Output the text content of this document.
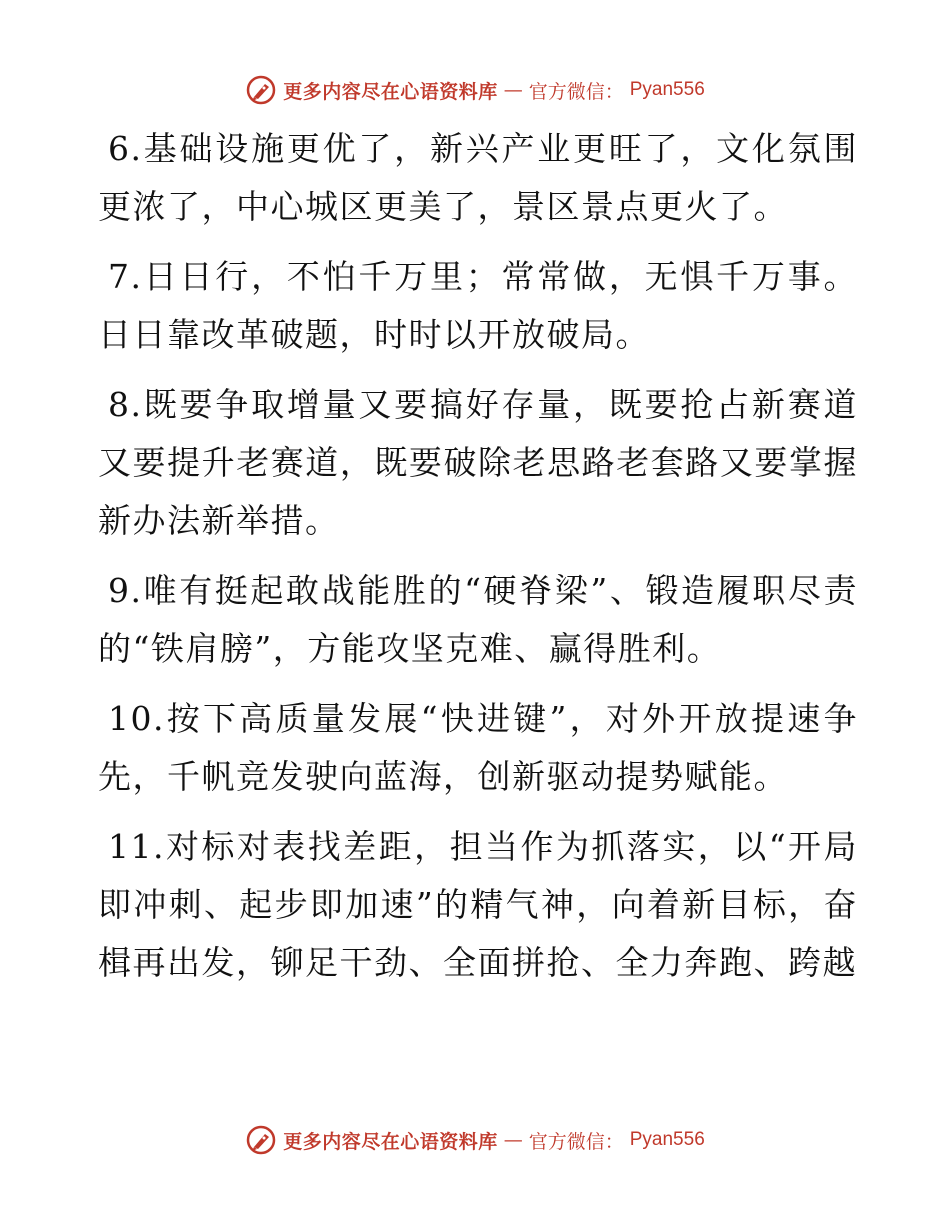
更多内容尽在心语资料库 — 官方微信： Pyan556

6.基础设施更优了，新兴产业更旺了，文化氛围更浓了，中心城区更美了，景区景点更火了。

7.日日行，不怕千万里；常常做，无惧千万事。日日靠改革破题，时时以开放破局。

8.既要争取增量又要搞好存量，既要抢占新赛道又要提升老赛道，既要破除老思路老套路又要掌握新办法新举措。

9.唯有挺起敢战能胜的“硬脊梁”、锻造履职尽责的“铁肩膀”，方能攻坚克难、赢得胜利。

10.按下高质量发展“快进键”，对外开放提速争先，千帆竞发驶向蓝海，创新驱动提势赋能。

11.对标对表找差距，担当作为抓落实，以“开局即冲刺、起步即加速”的精气神，向着新目标，奋楫再出发，铆足干劲、全面拼抢、全力奔跑、跨越

更多内容尽在心语资料库 — 官方微信： Pyan556
